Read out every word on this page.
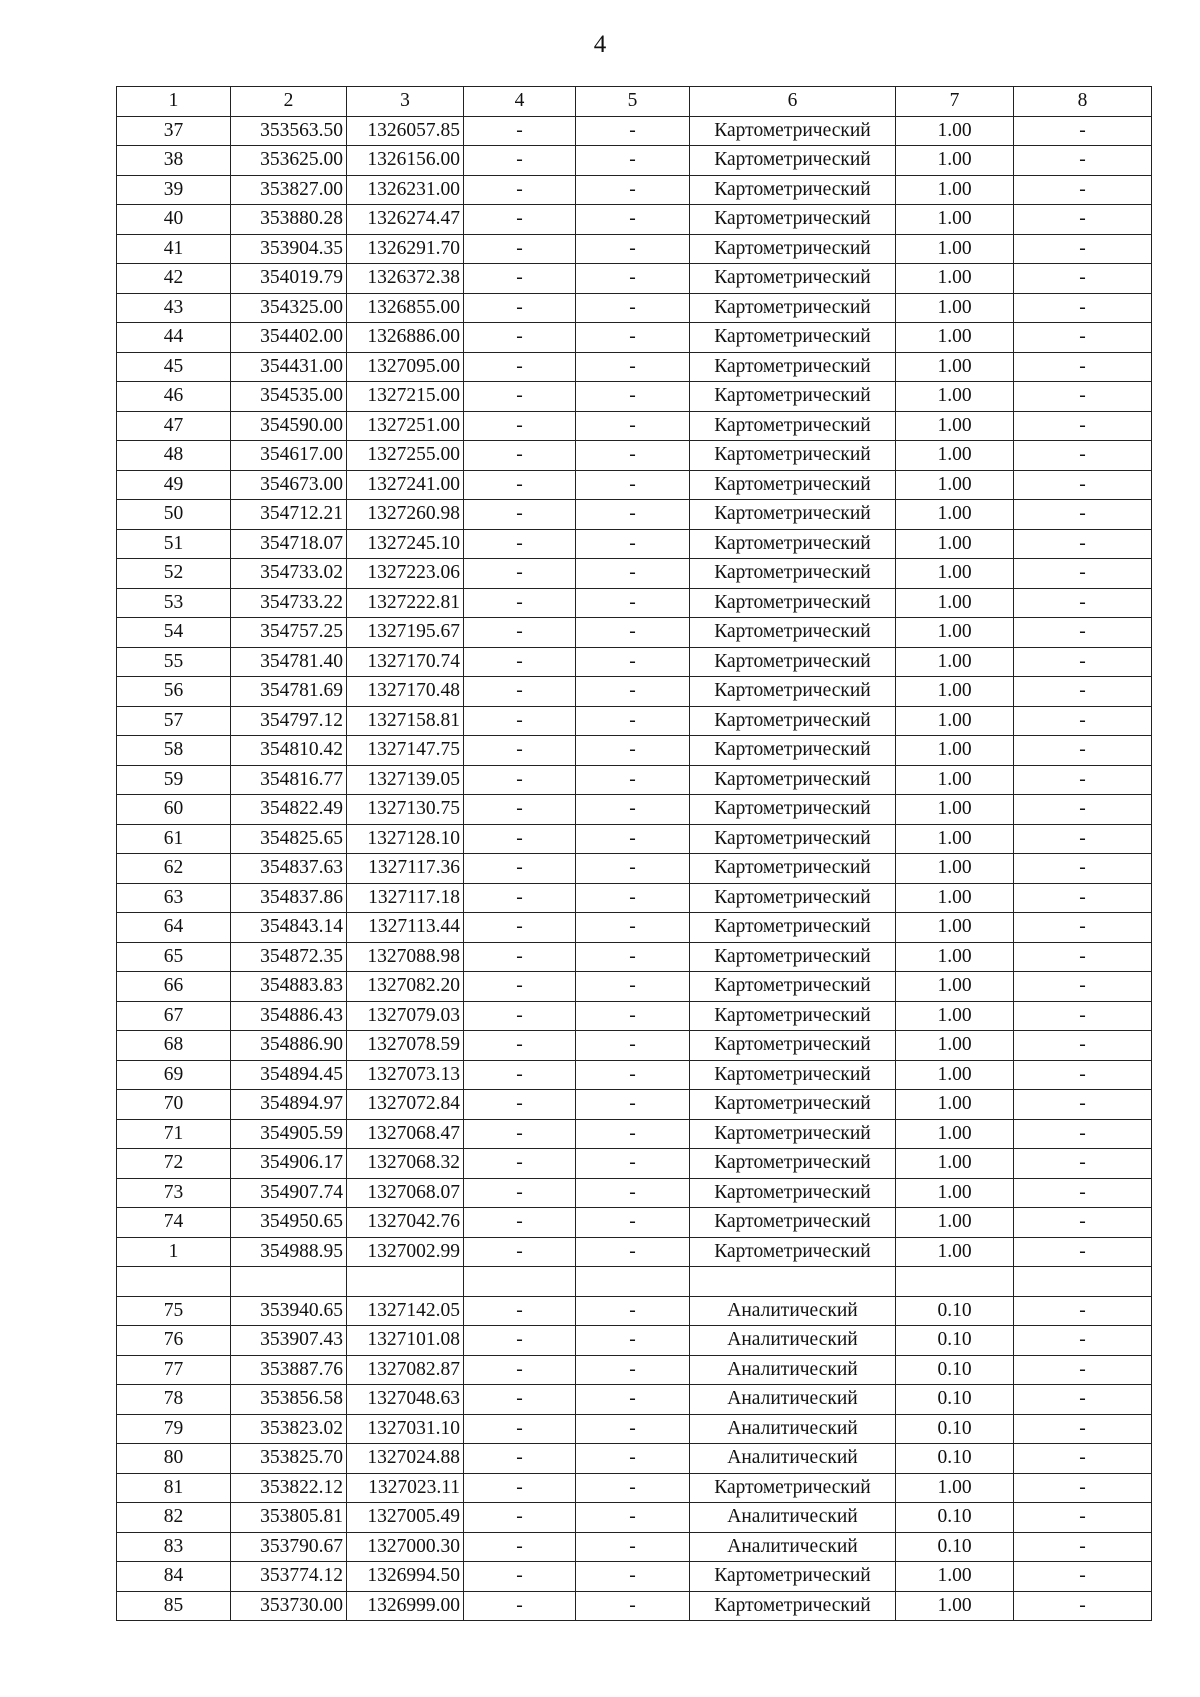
4
1	2	3	4	5	6	7	8
37	353563.50	1326057.85	-	-	Картометрический	1.00	-
38	353625.00	1326156.00	-	-	Картометрический	1.00	-
39	353827.00	1326231.00	-	-	Картометрический	1.00	-
40	353880.28	1326274.47	-	-	Картометрический	1.00	-
41	353904.35	1326291.70	-	-	Картометрический	1.00	-
42	354019.79	1326372.38	-	-	Картометрический	1.00	-
43	354325.00	1326855.00	-	-	Картометрический	1.00	-
44	354402.00	1326886.00	-	-	Картометрический	1.00	-
45	354431.00	1327095.00	-	-	Картометрический	1.00	-
46	354535.00	1327215.00	-	-	Картометрический	1.00	-
47	354590.00	1327251.00	-	-	Картометрический	1.00	-
48	354617.00	1327255.00	-	-	Картометрический	1.00	-
49	354673.00	1327241.00	-	-	Картометрический	1.00	-
50	354712.21	1327260.98	-	-	Картометрический	1.00	-
51	354718.07	1327245.10	-	-	Картометрический	1.00	-
52	354733.02	1327223.06	-	-	Картометрический	1.00	-
53	354733.22	1327222.81	-	-	Картометрический	1.00	-
54	354757.25	1327195.67	-	-	Картометрический	1.00	-
55	354781.40	1327170.74	-	-	Картометрический	1.00	-
56	354781.69	1327170.48	-	-	Картометрический	1.00	-
57	354797.12	1327158.81	-	-	Картометрический	1.00	-
58	354810.42	1327147.75	-	-	Картометрический	1.00	-
59	354816.77	1327139.05	-	-	Картометрический	1.00	-
60	354822.49	1327130.75	-	-	Картометрический	1.00	-
61	354825.65	1327128.10	-	-	Картометрический	1.00	-
62	354837.63	1327117.36	-	-	Картометрический	1.00	-
63	354837.86	1327117.18	-	-	Картометрический	1.00	-
64	354843.14	1327113.44	-	-	Картометрический	1.00	-
65	354872.35	1327088.98	-	-	Картометрический	1.00	-
66	354883.83	1327082.20	-	-	Картометрический	1.00	-
67	354886.43	1327079.03	-	-	Картометрический	1.00	-
68	354886.90	1327078.59	-	-	Картометрический	1.00	-
69	354894.45	1327073.13	-	-	Картометрический	1.00	-
70	354894.97	1327072.84	-	-	Картометрический	1.00	-
71	354905.59	1327068.47	-	-	Картометрический	1.00	-
72	354906.17	1327068.32	-	-	Картометрический	1.00	-
73	354907.74	1327068.07	-	-	Картометрический	1.00	-
74	354950.65	1327042.76	-	-	Картометрический	1.00	-
1	354988.95	1327002.99	-	-	Картометрический	1.00	-

75	353940.65	1327142.05	-	-	Аналитический	0.10	-
76	353907.43	1327101.08	-	-	Аналитический	0.10	-
77	353887.76	1327082.87	-	-	Аналитический	0.10	-
78	353856.58	1327048.63	-	-	Аналитический	0.10	-
79	353823.02	1327031.10	-	-	Аналитический	0.10	-
80	353825.70	1327024.88	-	-	Аналитический	0.10	-
81	353822.12	1327023.11	-	-	Картометрический	1.00	-
82	353805.81	1327005.49	-	-	Аналитический	0.10	-
83	353790.67	1327000.30	-	-	Аналитический	0.10	-
84	353774.12	1326994.50	-	-	Картометрический	1.00	-
85	353730.00	1326999.00	-	-	Картометрический	1.00	-
